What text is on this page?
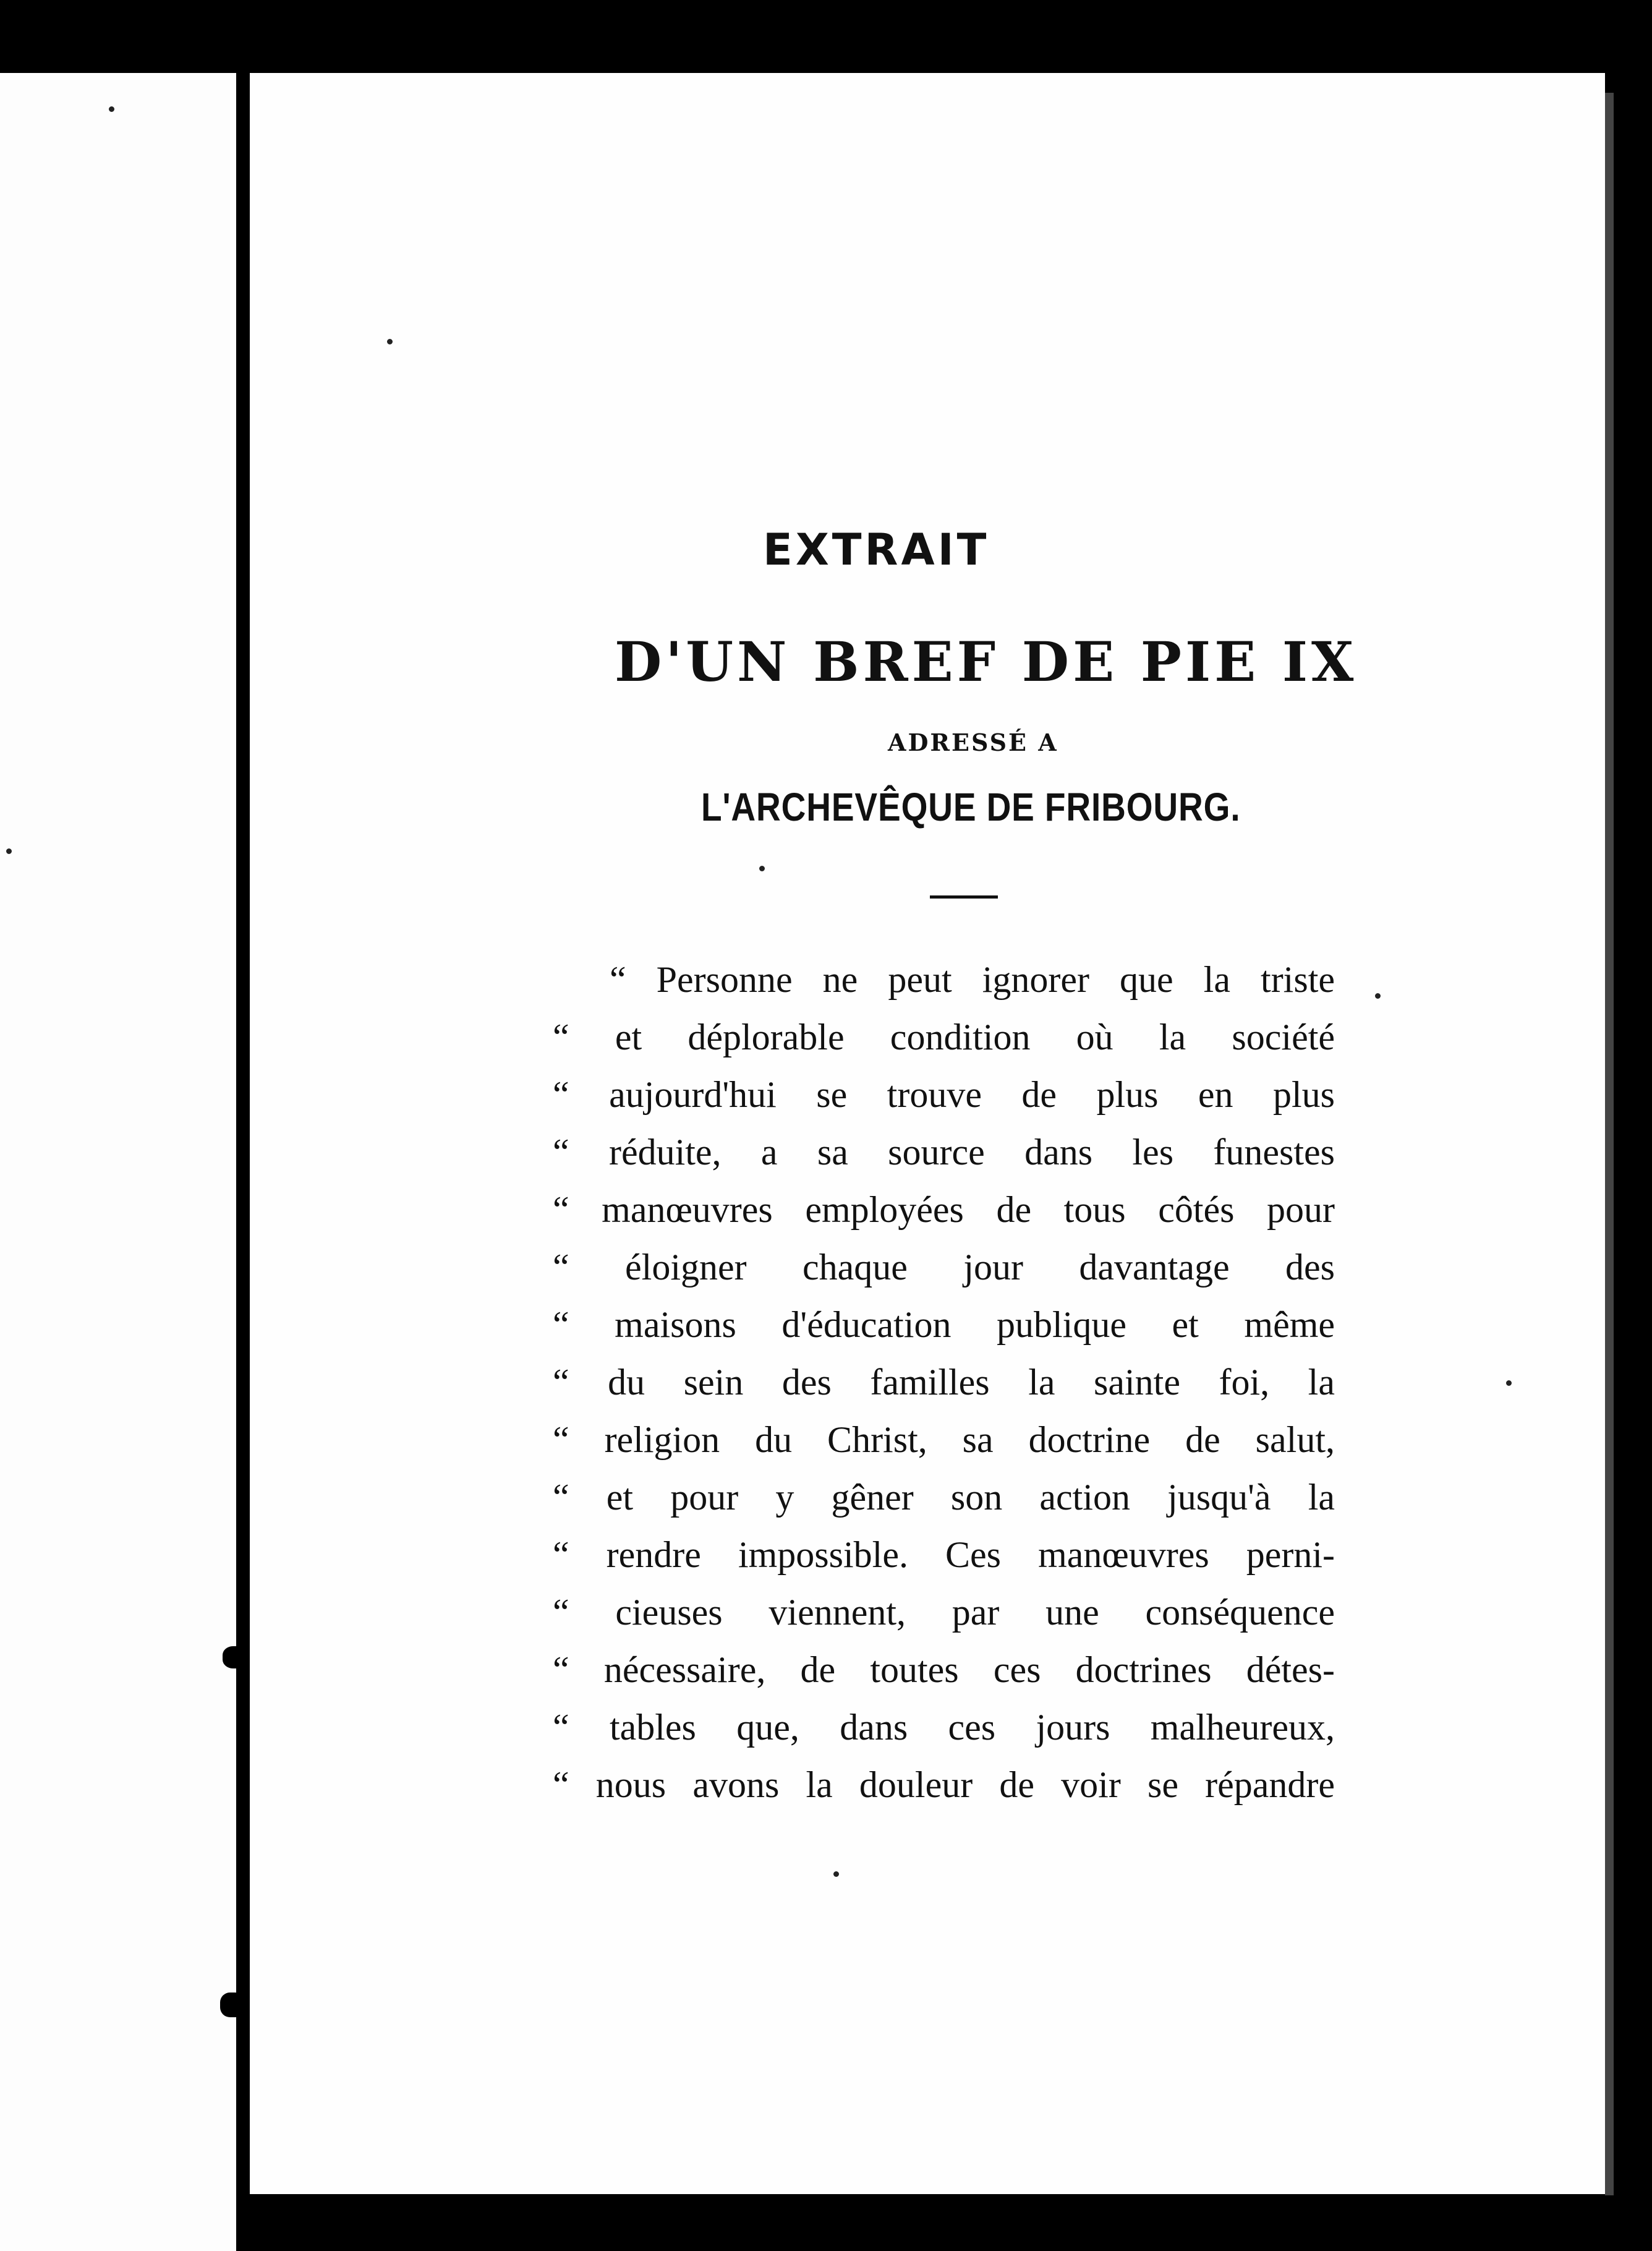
EXTRAIT
D'UN BREF DE PIE IX
ADRESSÉ A
L'ARCHEVÊQUE DE FRIBOURG.
“ Personne ne peut ignorer que la triste
“ et déplorable condition où la société
“ aujourd'hui se trouve de plus en plus
“ réduite, a sa source dans les funestes
“ manœuvres employées de tous côtés pour
“ éloigner chaque jour davantage des
“ maisons d'éducation publique et même
“ du sein des familles la sainte foi, la
“ religion du Christ, sa doctrine de salut,
“ et pour y gêner son action jusqu'à la
“ rendre impossible. Ces manœuvres perni-
“ cieuses viennent, par une conséquence
“ nécessaire, de toutes ces doctrines détes-
“ tables que, dans ces jours malheureux,
“ nous avons la douleur de voir se répandre
